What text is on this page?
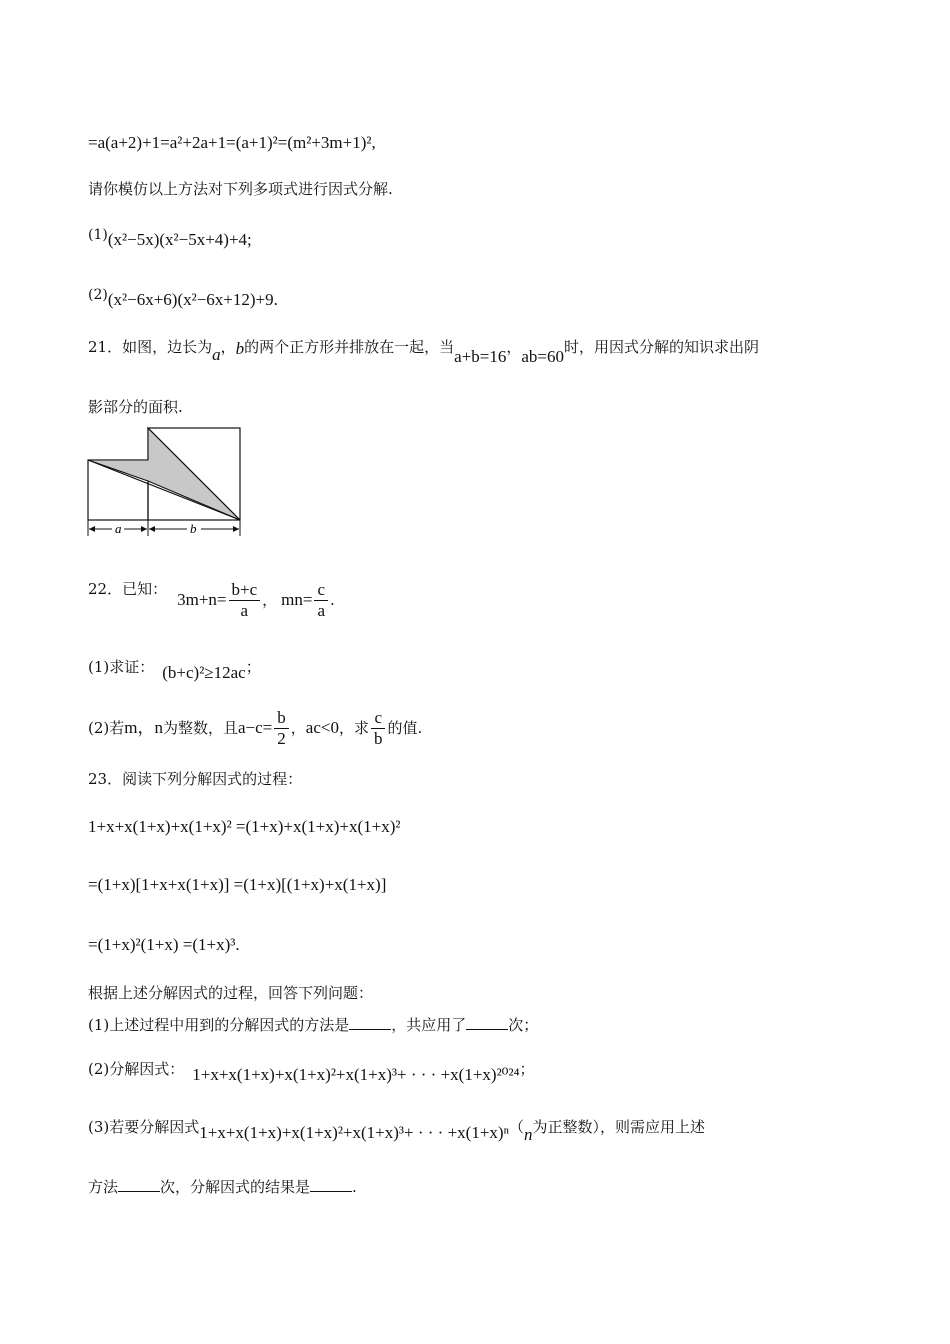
=a(a+2)+1=a²+2a+1=(a+1)²=(m²+3m+1)²,
请你模仿以上方法对下列多项式进行因式分解.
(1)(x²−5x)(x²−5x+4)+4;
(2)(x²−6x+6)(x²−6x+12)+9.
21．如图，边长为a，b的两个正方形并排放在一起，当a+b=16，ab=60时，用因式分解的知识求出阴
影部分的面积.
a	b
22．已知：
$3m+n= \frac{b+c}{a}$ ， $mn= \frac{c}{a}$ .
(1)求证： (b+c)²≥12ac；
(2)若 m，n 为整数，且 $a-c= \frac{b}{2}$ ， ac<0 ，求 $\frac{c}{b}$ 的值.
23．阅读下列分解因式的过程：
1+x+x(1+x)+x(1+x)² =(1+x)+x(1+x)+x(1+x)²
=(1+x)[1+x+x(1+x)] =(1+x)[(1+x)+x(1+x)]
=(1+x)²(1+x) =(1+x)³.
根据上述分解因式的过程，回答下列问题：
(1)上述过程中用到的分解因式的方法是	，共应用了	次；
(2)分解因式： 1+x+x(1+x)+x(1+x)²+x(1+x)³+ · · · +x(1+x)²⁰²⁴；
(3)若要分解因式1+x+x(1+x)+x(1+x)²+x(1+x)³+ · · · +x(1+x)ⁿ（n为正整数），则需应用上述
方法	次，分解因式的结果是	.
